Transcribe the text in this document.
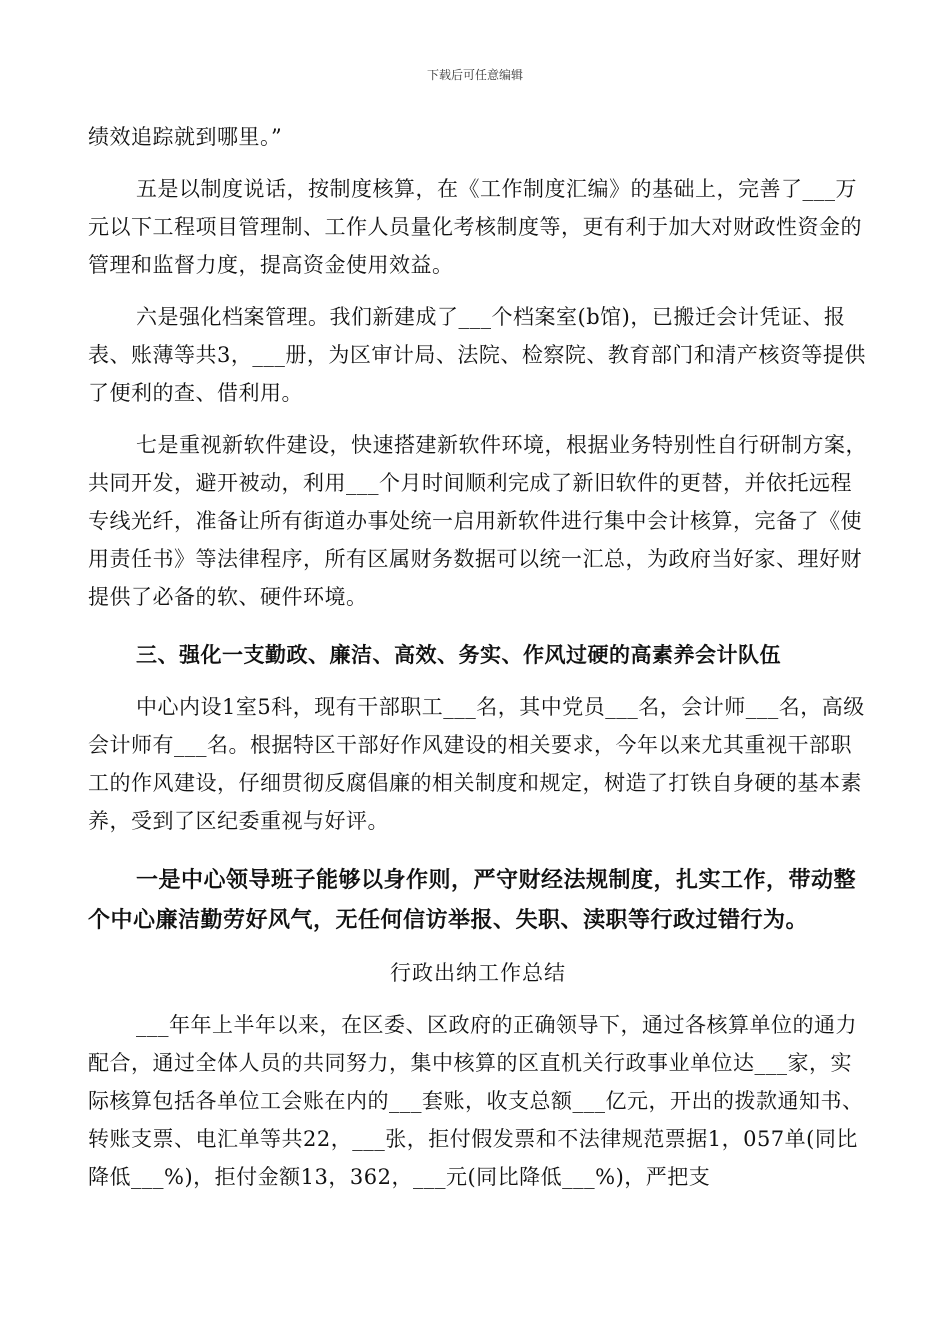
下载后可任意编辑

绩效追踪就到哪里。”

五是以制度说话，按制度核算，在《工作制度汇编》的基础上，完善了___万元以下工程项目管理制、工作人员量化考核制度等，更有利于加大对财政性资金的管理和监督力度，提高资金使用效益。

六是强化档案管理。我们新建成了___个档案室(b馆)，已搬迁会计凭证、报表、账薄等共3，___册，为区审计局、法院、检察院、教育部门和清产核资等提供了便利的查、借利用。

七是重视新软件建设，快速搭建新软件环境，根据业务特别性自行研制方案，共同开发，避开被动，利用___个月时间顺利完成了新旧软件的更替，并依托远程专线光纤，准备让所有街道办事处统一启用新软件进行集中会计核算，完备了《使用责任书》等法律程序，所有区属财务数据可以统一汇总，为政府当好家、理好财提供了必备的软、硬件环境。

三、强化一支勤政、廉洁、高效、务实、作风过硬的高素养会计队伍

中心内设1室5科，现有干部职工___名，其中党员___名，会计师___名，高级会计师有___名。根据特区干部好作风建设的相关要求，今年以来尤其重视干部职工的作风建设，仔细贯彻反腐倡廉的相关制度和规定，树造了打铁自身硬的基本素养，受到了区纪委重视与好评。

一是中心领导班子能够以身作则，严守财经法规制度，扎实工作，带动整个中心廉洁勤劳好风气，无任何信访举报、失职、渎职等行政过错行为。

行政出纳工作总结

___年年上半年以来，在区委、区政府的正确领导下，通过各核算单位的通力配合，通过全体人员的共同努力，集中核算的区直机关行政事业单位达___家，实际核算包括各单位工会账在内的___套账，收支总额___亿元，开出的拨款通知书、转账支票、电汇单等共22，___张，拒付假发票和不法律规范票据1，057单(同比降低___%)，拒付金额13，362，___元(同比降低___%)，严把支
